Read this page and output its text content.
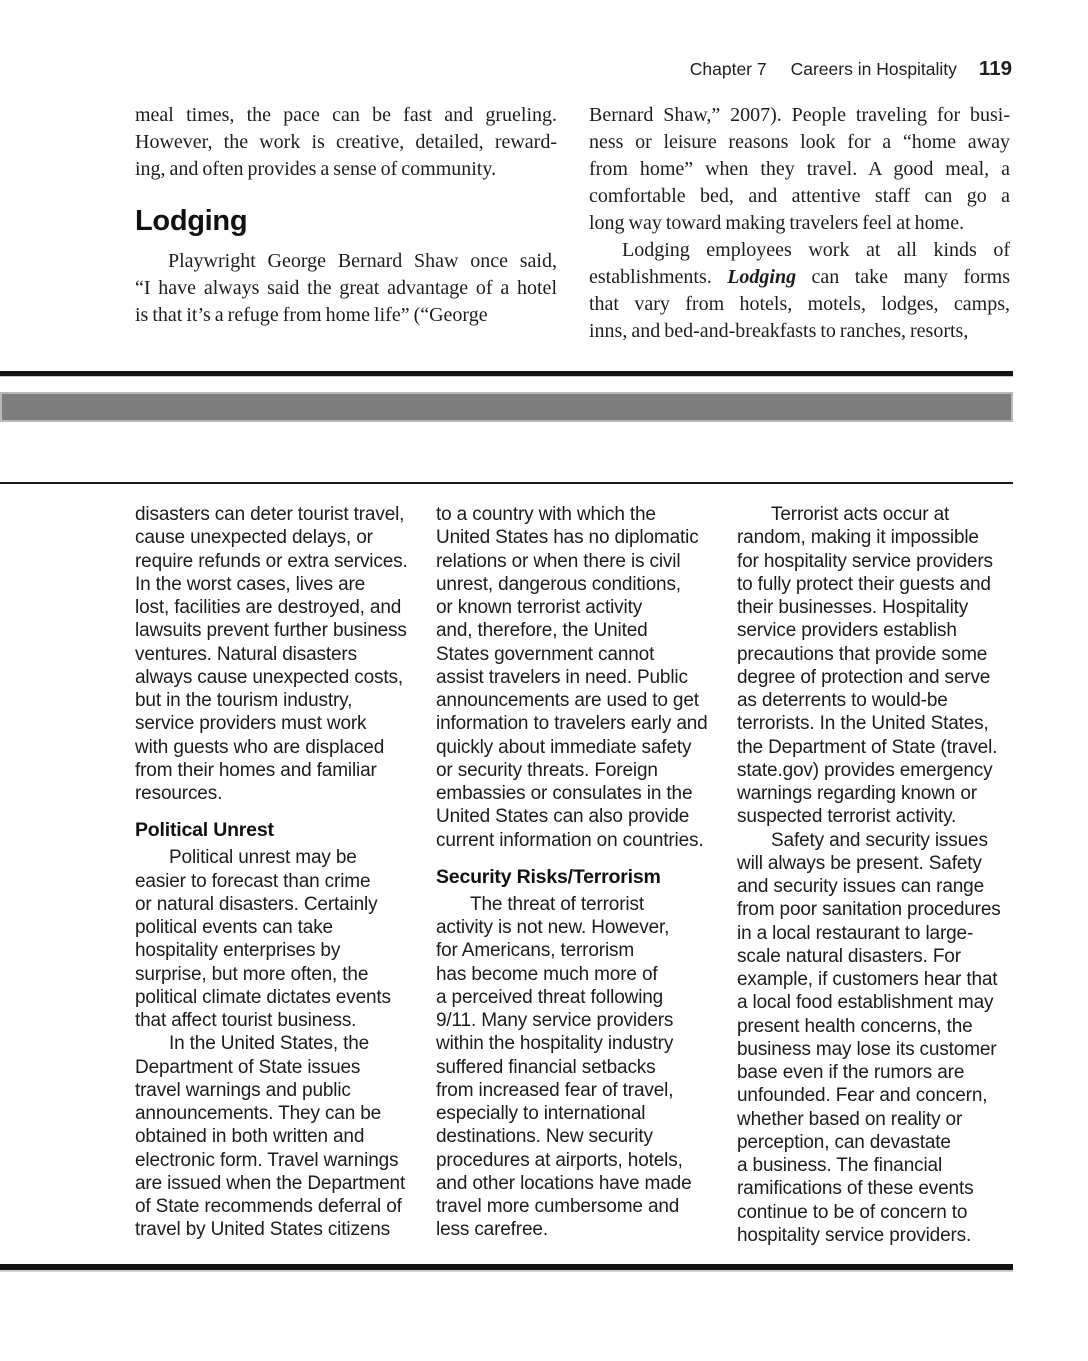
Chapter 7 Careers in Hospitality 119
meal times, the pace can be fast and grueling.
However, the work is creative, detailed, reward-
ing, and often provides a sense of community.
Lodging
Playwright George Bernard Shaw once said,
“I have always said the great advantage of a hotel
is that it’s a refuge from home life” (“George
Bernard Shaw,” 2007). People traveling for busi-
ness or leisure reasons look for a “home away
from home” when they travel. A good meal, a
comfortable bed, and attentive staff can go a
long way toward making travelers feel at home.
Lodging employees work at all kinds of
establishments. Lodging can take many forms
that vary from hotels, motels, lodges, camps,
inns, and bed-and-breakfasts to ranches, resorts,
disasters can deter tourist travel,
cause unexpected delays, or
require refunds or extra services.
In the worst cases, lives are
lost, facilities are destroyed, and
lawsuits prevent further business
ventures. Natural disasters
always cause unexpected costs,
but in the tourism industry,
service providers must work
with guests who are displaced
from their homes and familiar
resources.
Political Unrest
Political unrest may be
easier to forecast than crime
or natural disasters. Certainly
political events can take
hospitality enterprises by
surprise, but more often, the
political climate dictates events
that affect tourist business.
In the United States, the
Department of State issues
travel warnings and public
announcements. They can be
obtained in both written and
electronic form. Travel warnings
are issued when the Department
of State recommends deferral of
travel by United States citizens
to a country with which the
United States has no diplomatic
relations or when there is civil
unrest, dangerous conditions,
or known terrorist activity
and, therefore, the United
States government cannot
assist travelers in need. Public
announcements are used to get
information to travelers early and
quickly about immediate safety
or security threats. Foreign
embassies or consulates in the
United States can also provide
current information on countries.
Security Risks/Terrorism
The threat of terrorist
activity is not new. However,
for Americans, terrorism
has become much more of
a perceived threat following
9/11. Many service providers
within the hospitality industry
suffered financial setbacks
from increased fear of travel,
especially to international
destinations. New security
procedures at airports, hotels,
and other locations have made
travel more cumbersome and
less carefree.
Terrorist acts occur at
random, making it impossible
for hospitality service providers
to fully protect their guests and
their businesses. Hospitality
service providers establish
precautions that provide some
degree of protection and serve
as deterrents to would-be
terrorists. In the United States,
the Department of State (travel.
state.gov) provides emergency
warnings regarding known or
suspected terrorist activity.
Safety and security issues
will always be present. Safety
and security issues can range
from poor sanitation procedures
in a local restaurant to large-
scale natural disasters. For
example, if customers hear that
a local food establishment may
present health concerns, the
business may lose its customer
base even if the rumors are
unfounded. Fear and concern,
whether based on reality or
perception, can devastate
a business. The financial
ramifications of these events
continue to be of concern to
hospitality service providers.
